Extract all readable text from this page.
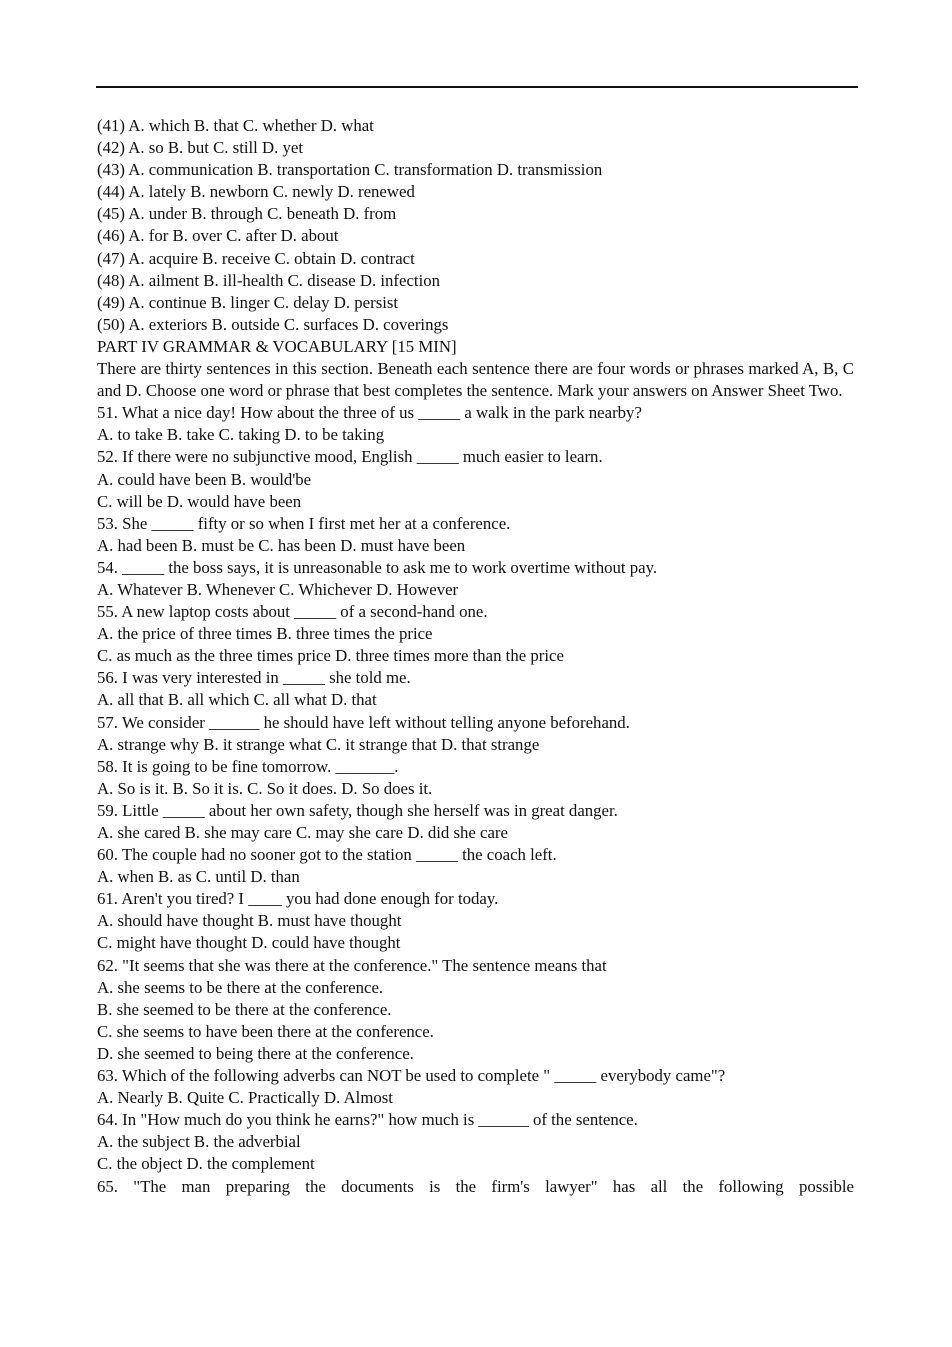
(41) A. which B. that C. whether D. what
(42) A. so B. but C. still D. yet
(43) A. communication B. transportation C. transformation D. transmission
(44) A. lately B. newborn C. newly D. renewed
(45) A. under B. through C. beneath D. from
(46) A. for B. over C. after D. about
(47) A. acquire B. receive C. obtain D. contract
(48) A. ailment B. ill-health C. disease D. infection
(49) A. continue B. linger C. delay D. persist
(50) A. exteriors B. outside C. surfaces D. coverings
PART IV GRAMMAR & VOCABULARY [15 MIN]
There are thirty sentences in this section. Beneath each sentence there are four words or phrases marked A, B, C and D. Choose one word or phrase that best completes the sentence. Mark your answers on Answer Sheet Two.
51. What a nice day! How about the three of us _____ a walk in the park nearby?
A. to take B. take C. taking D. to be taking
52. If there were no subjunctive mood, English _____ much easier to learn.
A. could have been B. would'be
C. will be D. would have been
53. She _____ fifty or so when I first met her at a conference.
A. had been B. must be C. has been D. must have been
54. _____ the boss says, it is unreasonable to ask me to work overtime without pay.
A. Whatever B. Whenever C. Whichever D. However
55. A new laptop costs about _____ of a second-hand one.
A. the price of three times B. three times the price
C. as much as the three times price D. three times more than the price
56. I was very interested in _____ she told me.
A. all that B. all which C. all what D. that
57. We consider ______ he should have left without telling anyone beforehand.
A. strange why B. it strange what C. it strange that D. that strange
58. It is going to be fine tomorrow. _______.
A. So is it. B. So it is. C. So it does. D. So does it.
59. Little _____ about her own safety, though she herself was in great danger.
A. she cared B. she may care C. may she care D. did she care
60. The couple had no sooner got to the station _____ the coach left.
A. when B. as C. until D. than
61. Aren't you tired? I ____ you had done enough for today.
A. should have thought B. must have thought
C. might have thought D. could have thought
62. "It seems that she was there at the conference." The sentence means that
A. she seems to be there at the conference.
B. she seemed to be there at the conference.
C. she seems to have been there at the conference.
D. she seemed to being there at the conference.
63. Which of the following adverbs can NOT be used to complete " _____ everybody came"?
A. Nearly B. Quite C. Practically D. Almost
64. In "How much do you think he earns?" how much is ______ of the sentence.
A. the subject B. the adverbial
C. the object D. the complement
65. "The man preparing the documents is the firm's lawyer" has all the following possible
